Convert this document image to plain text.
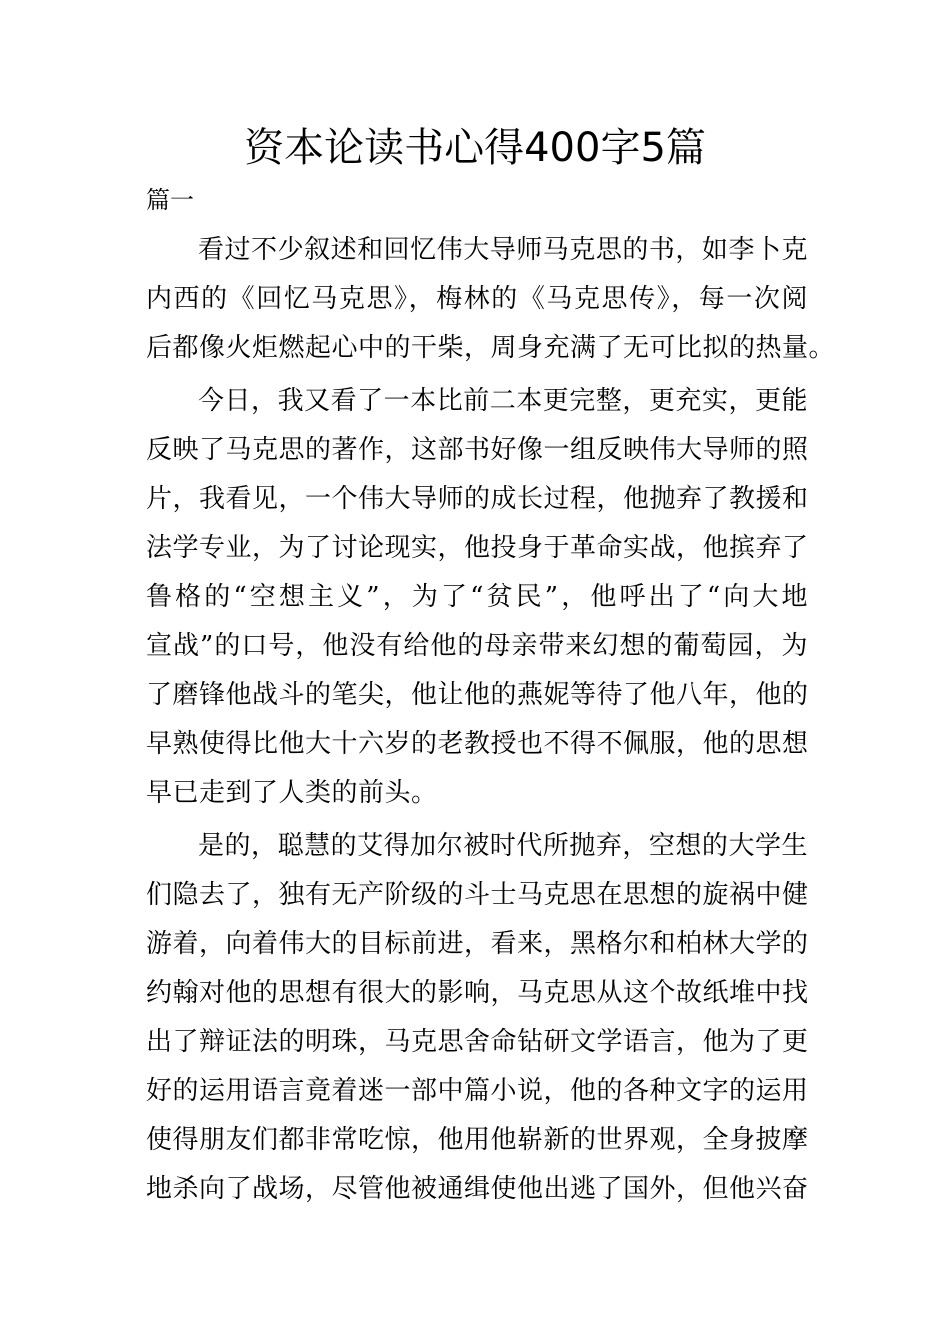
资本论读书心得400字5篇
篇一
看过不少叙述和回忆伟大导师马克思的书，如李卜克
内西的《回忆马克思》，梅林的《马克思传》，每一次阅
后都像火炬燃起心中的干柴，周身充满了无可比拟的热量。
今日，我又看了一本比前二本更完整，更充实，更能
反映了马克思的著作，这部书好像一组反映伟大导师的照
片，我看见，一个伟大导师的成长过程，他抛弃了教援和
法学专业，为了讨论现实，他投身于革命实战，他摈弃了
鲁格的“空想主义”，为了“贫民”，他呼出了“向大地
宣战”的口号，他没有给他的母亲带来幻想的葡萄园，为
了磨锋他战斗的笔尖，他让他的燕妮等待了他八年，他的
早熟使得比他大十六岁的老教授也不得不佩服，他的思想
早已走到了人类的前头。
是的，聪慧的艾得加尔被时代所抛弃，空想的大学生
们隐去了，独有无产阶级的斗士马克思在思想的旋祸中健
游着，向着伟大的目标前进，看来，黑格尔和柏林大学的
约翰对他的思想有很大的影响，马克思从这个故纸堆中找
出了辩证法的明珠，马克思舍命钻研文学语言，他为了更
好的运用语言竟着迷一部中篇小说，他的各种文字的运用
使得朋友们都非常吃惊，他用他崭新的世界观，全身披摩
地杀向了战场，尽管他被通缉使他出逃了国外，但他兴奋
